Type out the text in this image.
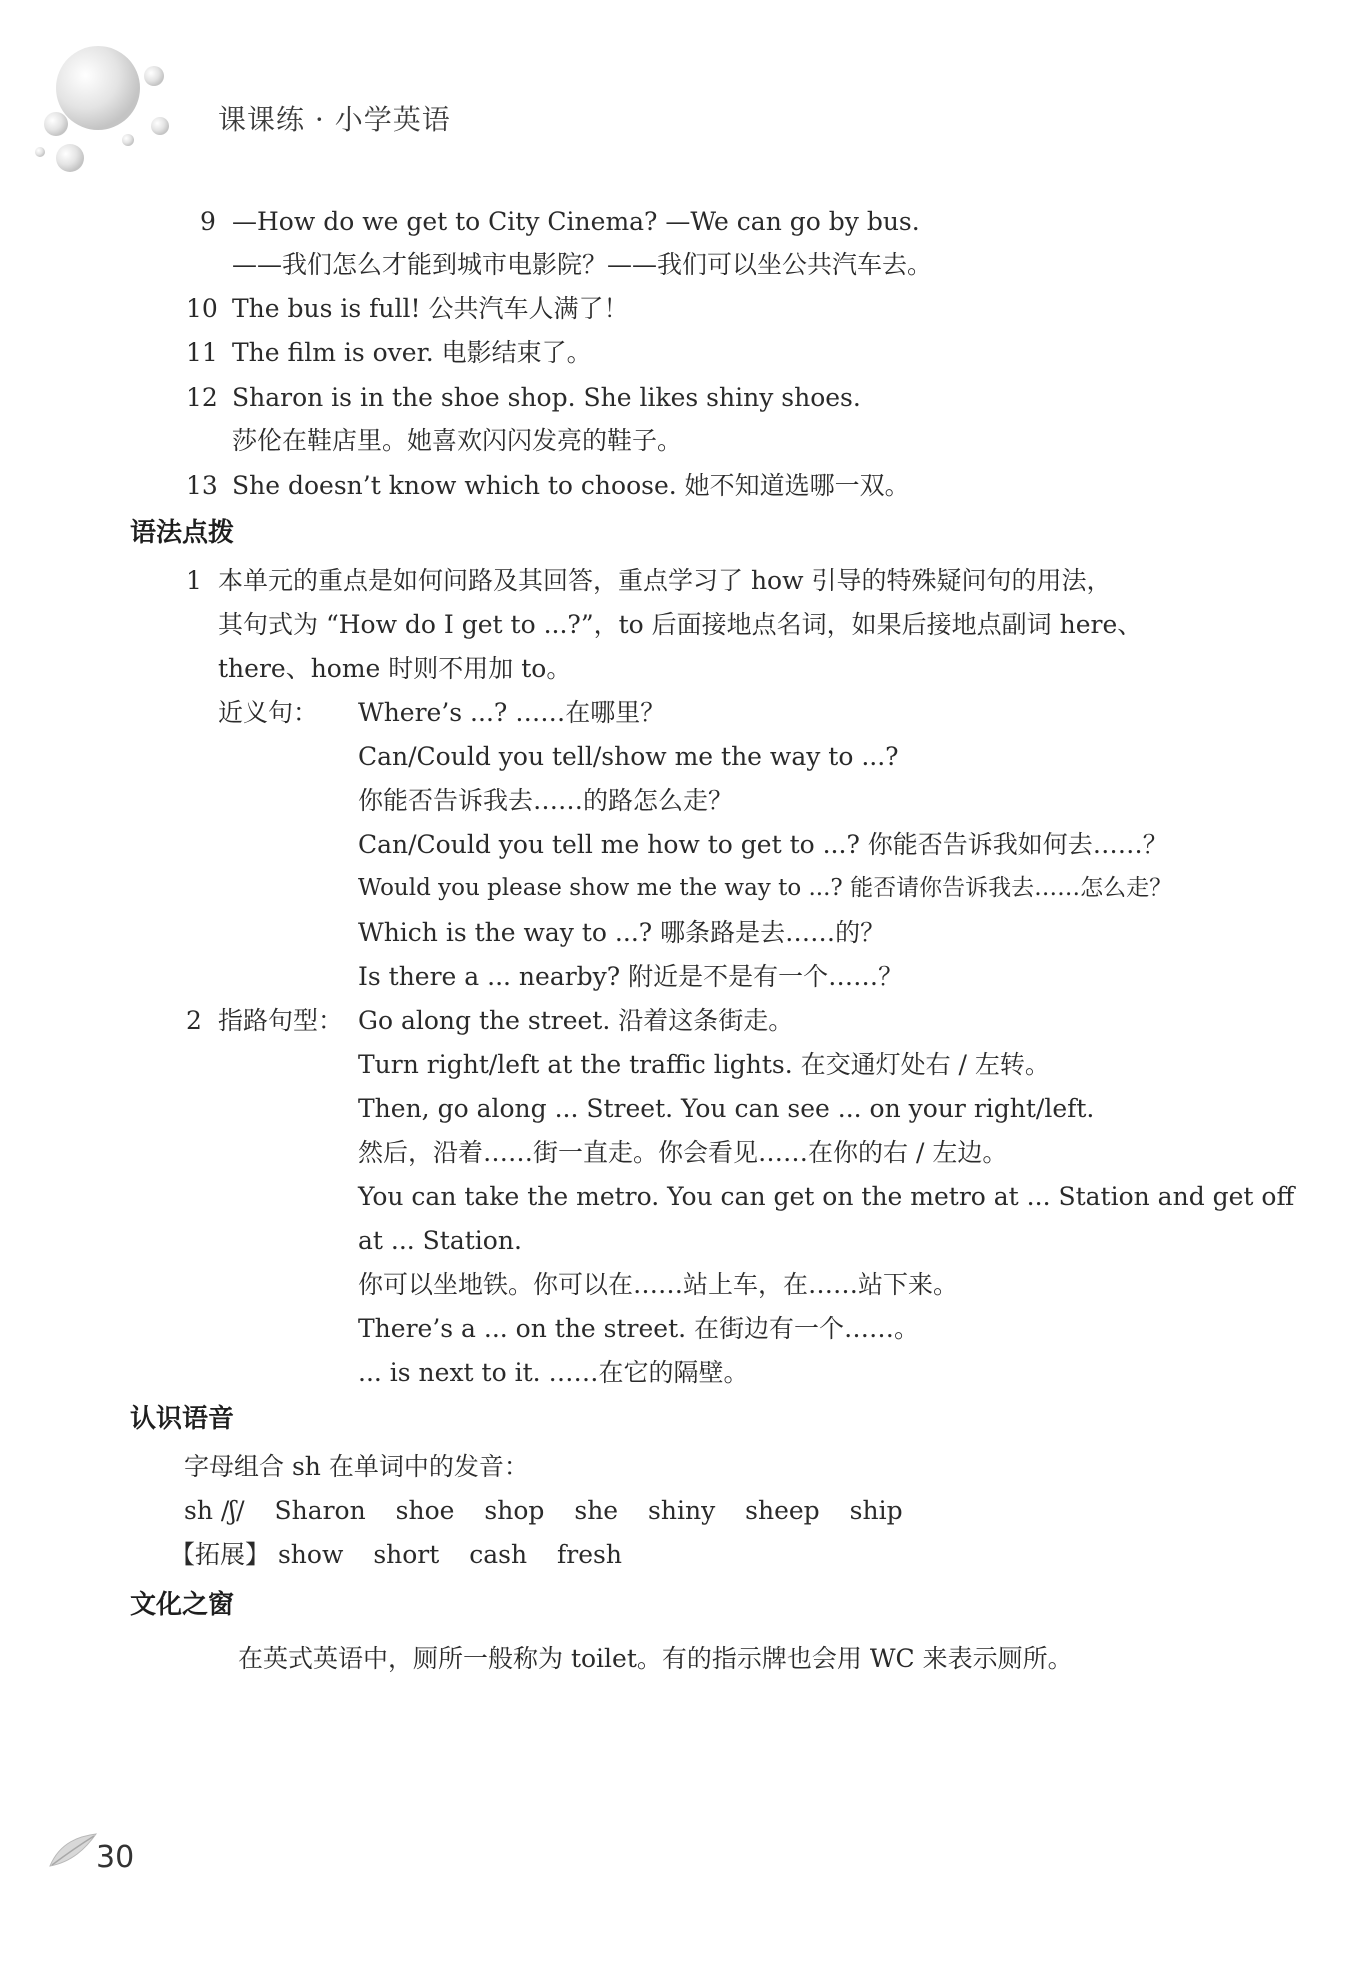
课课练 · 小学英语
9 —How do we get to City Cinema? —We can go by bus.
——我们怎么才能到城市电影院？——我们可以坐公共汽车去。
10 The bus is full! 公共汽车人满了！
11 The film is over. 电影结束了。
12 Sharon is in the shoe shop. She likes shiny shoes.
莎伦在鞋店里。她喜欢闪闪发亮的鞋子。
13 She doesn’t know which to choose. 她不知道选哪一双。
语法点拨
1 本单元的重点是如何问路及其回答，重点学习了 how 引导的特殊疑问句的用法，
其句式为 “How do I get to ...?”，to 后面接地点名词，如果后接地点副词 here、
there、home 时则不用加 to。
近义句： Where’s ...? ……在哪里？
Can/Could you tell/show me the way to ...?
你能否告诉我去……的路怎么走？
Can/Could you tell me how to get to ...? 你能否告诉我如何去……？
Would you please show me the way to ...? 能否请你告诉我去……怎么走？
Which is the way to ...? 哪条路是去……的？
Is there a ... nearby? 附近是不是有一个……？
2 指路句型： Go along the street. 沿着这条街走。
Turn right/left at the traffic lights. 在交通灯处右 / 左转。
Then, go along ... Street. You can see ... on your right/left.
然后，沿着……街一直走。你会看见……在你的右 / 左边。
You can take the metro. You can get on the metro at ... Station and get off
at ... Station.
你可以坐地铁。你可以在……站上车，在……站下来。
There’s a ... on the street. 在街边有一个……。
... is next to it. ……在它的隔壁。
认识语音
字母组合 sh 在单词中的发音：
sh /ʃ/ Sharon shoe shop she shiny sheep ship
【拓展】 show short cash fresh
文化之窗
在英式英语中，厕所一般称为 toilet。有的指示牌也会用 WC 来表示厕所。
30
